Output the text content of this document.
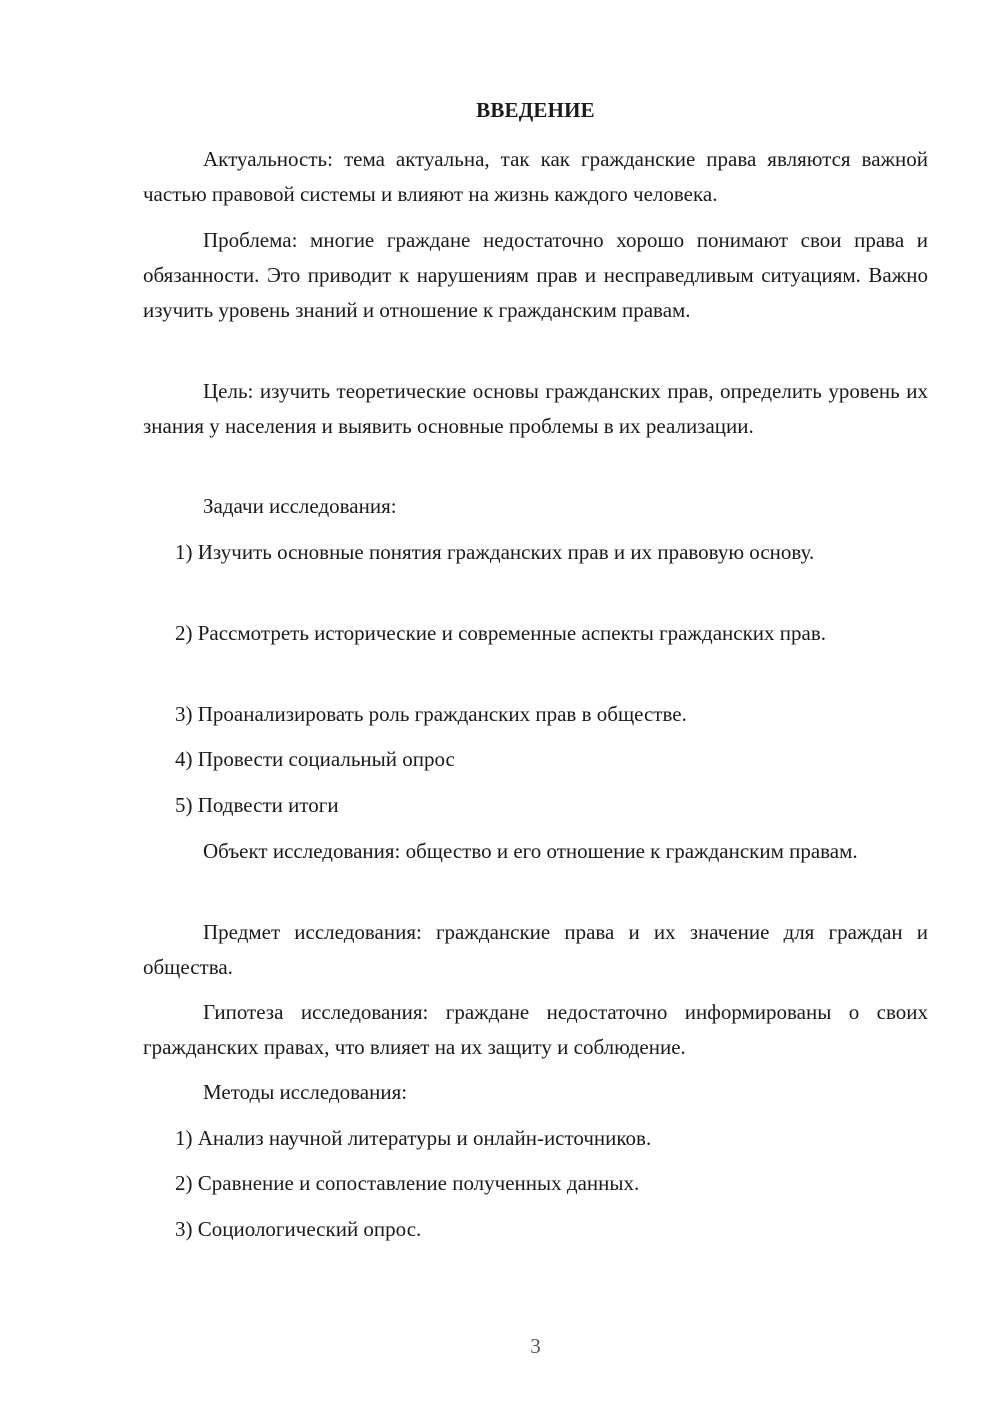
ВВЕДЕНИЕ

Актуальность: тема актуальна, так как гражданские права являются важной частью правовой системы и влияют на жизнь каждого человека.

Проблема: многие граждане недостаточно хорошо понимают свои права и обязанности. Это приводит к нарушениям прав и несправедливым ситуациям. Важно изучить уровень знаний и отношение к гражданским правам.

Цель: изучить теоретические основы гражданских прав, определить уровень их знания у населения и выявить основные проблемы в их реализации.

Задачи исследования:

1) Изучить основные понятия гражданских прав и их правовую основу.

2) Рассмотреть исторические и современные аспекты гражданских прав.

3) Проанализировать роль гражданских прав в обществе.

4) Провести социальный опрос

5) Подвести итоги

Объект исследования: общество и его отношение к гражданским правам.

Предмет исследования: гражданские права и их значение для граждан и общества.

Гипотеза исследования: граждане недостаточно информированы о своих гражданских правах, что влияет на их защиту и соблюдение.

Методы исследования:

1) Анализ научной литературы и онлайн-источников.

2) Сравнение и сопоставление полученных данных.

3) Социологический опрос.

3
